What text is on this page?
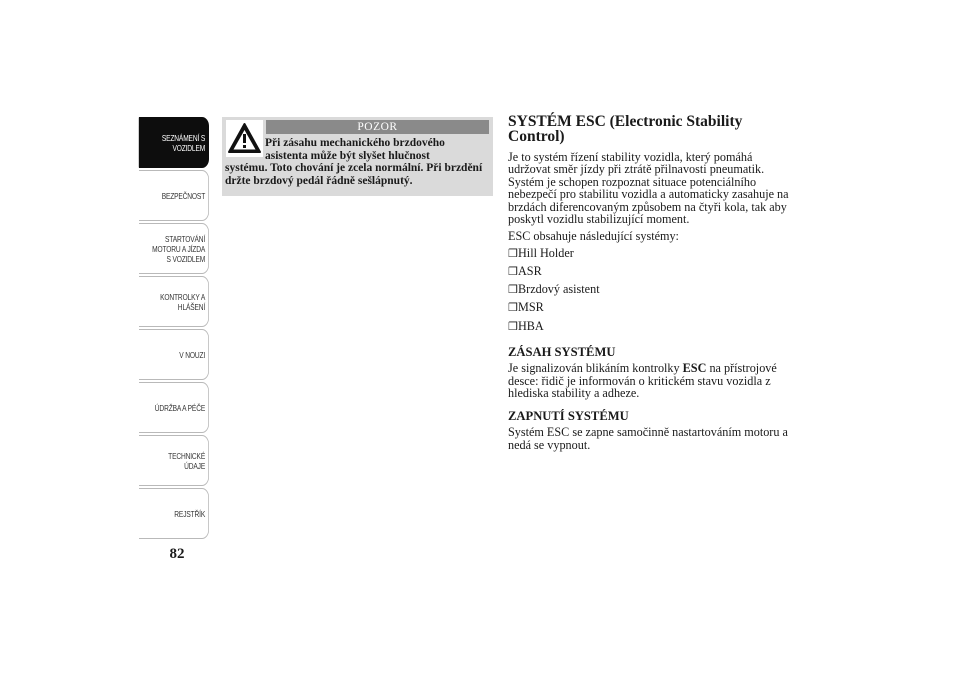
SEZNÁMENÍ S
VOZIDLEM
BEZPEČNOST
STARTOVÁNÍ
MOTORU A JÍZDA
S VOZIDLEM
KONTROLKY A
HLÁŠENÍ
V NOUZI
ÚDRŽBA A PÉČE
TECHNICKÉ
ÚDAJE
REJSTŘÍK
82
POZOR
Při zásahu mechanického brzdového
asistenta může být slyšet hlučnost
systému. Toto chování je zcela normální. Při brzdění držte brzdový pedál řádně sešlápnutý.
SYSTÉM ESC (Electronic Stability Control)

Je to systém řízení stability vozidla, který pomáhá udržovat směr jízdy při ztrátě přilnavosti pneumatik. Systém je schopen rozpoznat situace potenciálního nebezpečí pro stabilitu vozidla a automaticky zasahuje na brzdách diferencovaným způsobem na čtyři kola, tak aby poskytl vozidlu stabilizující moment.

ESC obsahuje následující systémy:

❒Hill Holder
❒ASR
❒Brzdový asistent
❒MSR
❒HBA
ZÁSAH SYSTÉMU

Je signalizován blikáním kontrolky ESC na přístrojové desce: řidič je informován o kritickém stavu vozidla z hlediska stability a adheze.

ZAPNUTÍ SYSTÉMU

Systém ESC se zapne samočinně nastartováním motoru a nedá se vypnout.
